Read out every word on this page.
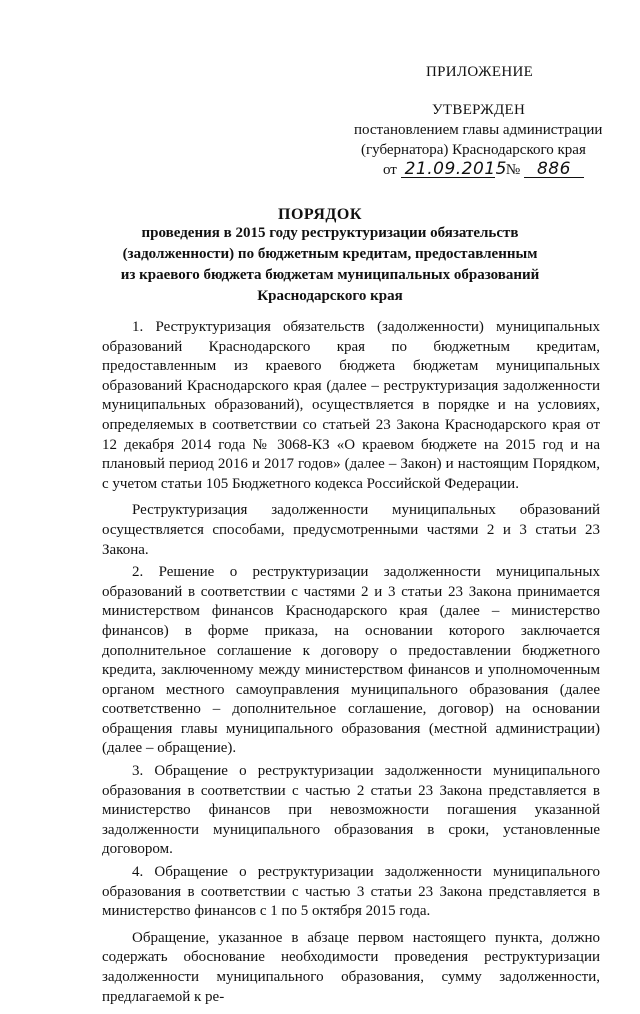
ПРИЛОЖЕНИЕ
УТВЕРЖДЕН
постановлением главы администрации
(губернатора) Краснодарского края
от 21.09.2015   № 886
ПОРЯДОК
проведения в 2015 году реструктуризации обязательств (задолженности) по бюджетным кредитам, предоставленным из краевого бюджета бюджетам муниципальных образований Краснодарского края

1. Реструктуризация обязательств (задолженности) муниципальных образований Краснодарского края по бюджетным кредитам, предоставленным из краевого бюджета бюджетам муниципальных образований Краснодарского края (далее – реструктуризация задолженности муниципальных образований), осуществляется в порядке и на условиях, определяемых в соответствии со статьей 23 Закона Краснодарского края от 12 декабря 2014 года № 3068-КЗ «О краевом бюджете на 2015 год и на плановый период 2016 и 2017 годов» (далее – Закон) и настоящим Порядком, с учетом статьи 105 Бюджетного кодекса Российской Федерации.

Реструктуризация задолженности муниципальных образований осуществляется способами, предусмотренными частями 2 и 3 статьи 23 Закона.

2. Решение о реструктуризации задолженности муниципальных образований в соответствии с частями 2 и 3 статьи 23 Закона принимается министерством финансов Краснодарского края (далее – министерство финансов) в форме приказа, на основании которого заключается дополнительное соглашение к договору о предоставлении бюджетного кредита, заключенному между министерством финансов и уполномоченным органом местного самоуправления муниципального образования (далее соответственно – дополнительное соглашение, договор) на основании обращения главы муниципального образования (местной администрации) (далее – обращение).

3. Обращение о реструктуризации задолженности муниципального образования в соответствии с частью 2 статьи 23 Закона представляется в министерство финансов при невозможности погашения указанной задолженности муниципального образования в сроки, установленные договором.

4. Обращение о реструктуризации задолженности муниципального образования в соответствии с частью 3 статьи 23 Закона представляется в министерство финансов с 1 по 5 октября 2015 года.

Обращение, указанное в абзаце первом настоящего пункта, должно содержать обоснование необходимости проведения реструктуризации задолженности муниципального образования, сумму задолженности, предлагаемой к ре-
